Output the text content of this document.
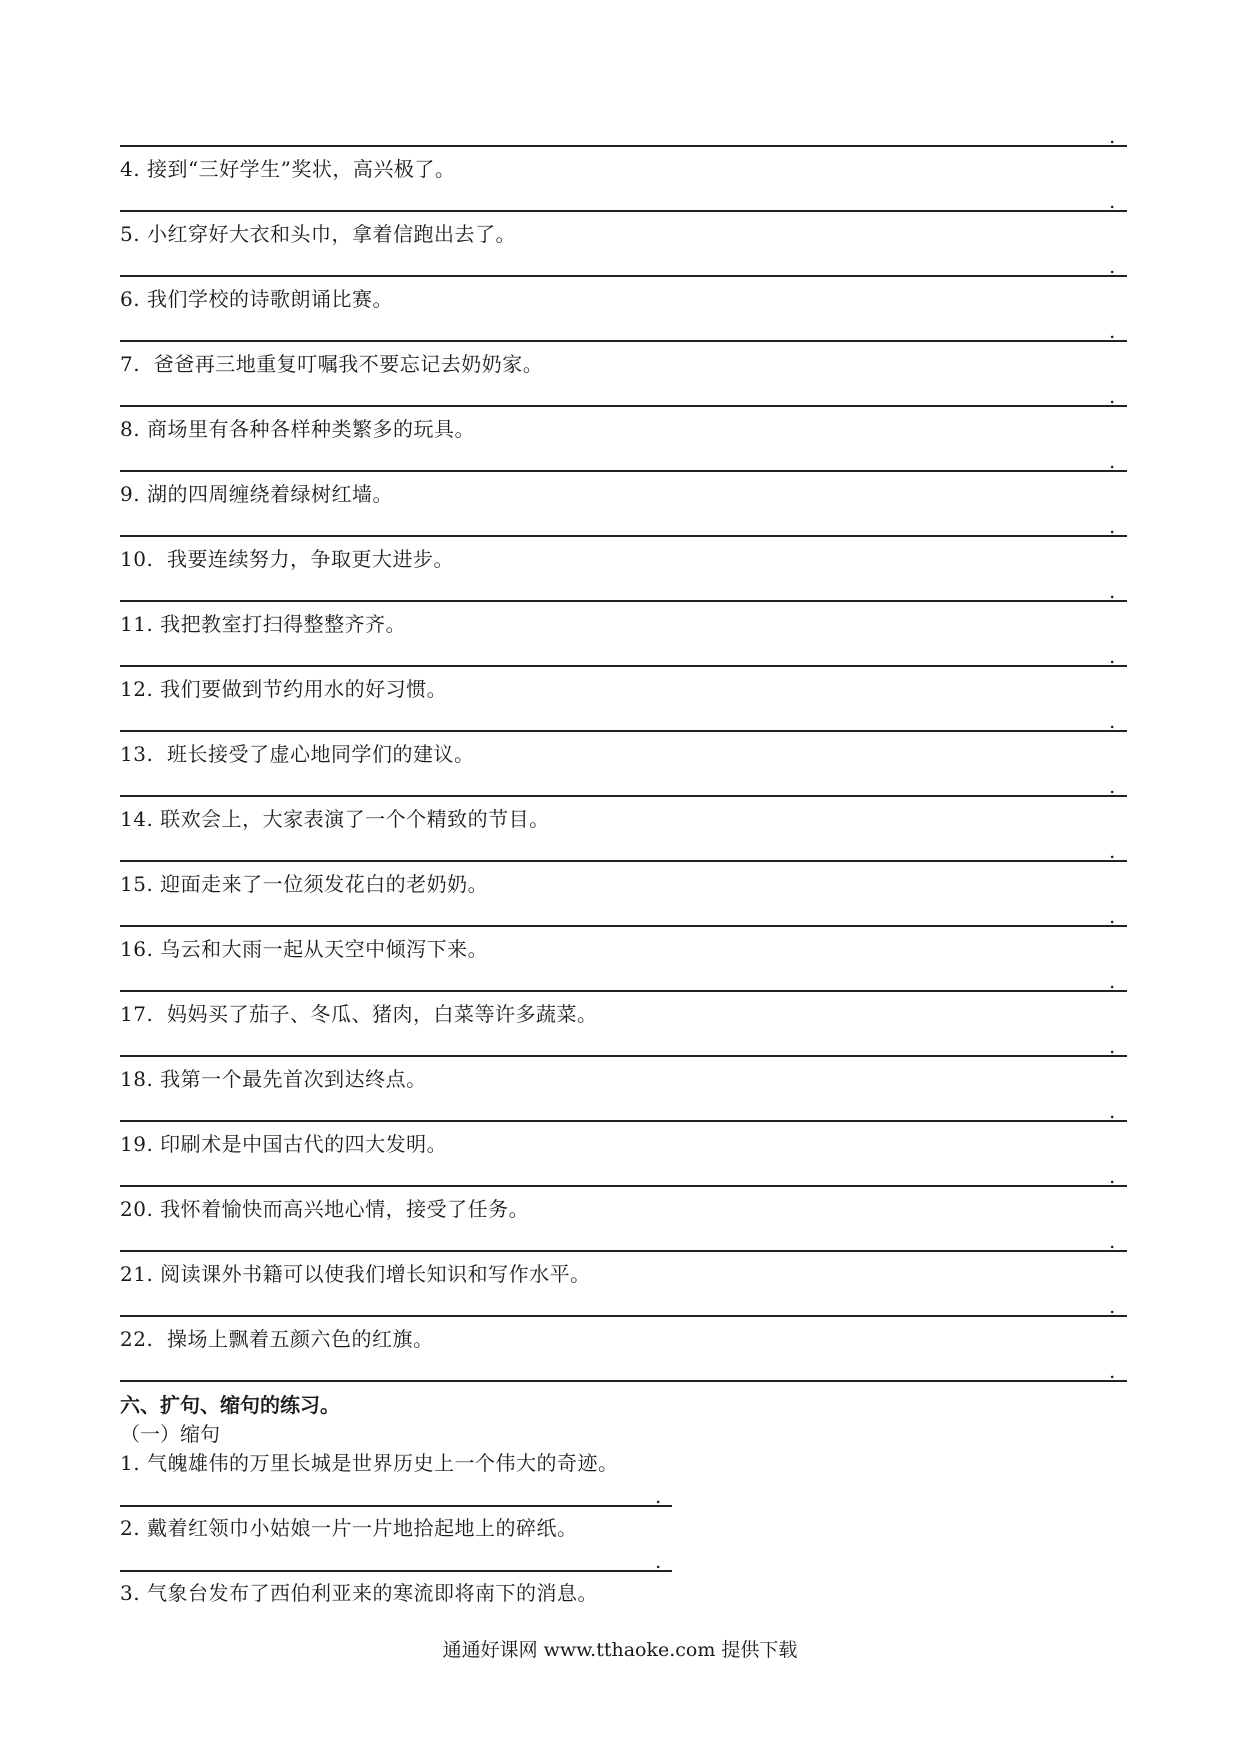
.
4. 接到“三好学生”奖状，高兴极了。
.
5. 小红穿好大衣和头巾，拿着信跑出去了。
.
6. 我们学校的诗歌朗诵比赛。
.
7.  爸爸再三地重复叮嘱我不要忘记去奶奶家。
.
8. 商场里有各种各样种类繁多的玩具。
.
9. 湖的四周缠绕着绿树红墙。
.
10.  我要连续努力，争取更大进步。
.
11. 我把教室打扫得整整齐齐。
.
12. 我们要做到节约用水的好习惯。
.
13.  班长接受了虚心地同学们的建议。
.
14. 联欢会上，大家表演了一个个精致的节目。
.
15. 迎面走来了一位须发花白的老奶奶。
.
16. 乌云和大雨一起从天空中倾泻下来。
.
17.  妈妈买了茄子、冬瓜、猪肉，白菜等许多蔬菜。
.
18. 我第一个最先首次到达终点。
.
19. 印刷术是中国古代的四大发明。
.
20. 我怀着愉快而高兴地心情，接受了任务。
.
21. 阅读课外书籍可以使我们增长知识和写作水平。
.
22.  操场上飘着五颜六色的红旗。
.
六、扩句、缩句的练习。
（一）缩句
1. 气魄雄伟的万里长城是世界历史上一个伟大的奇迹。
.
2. 戴着红领巾小姑娘一片一片地拾起地上的碎纸。
.
3. 气象台发布了西伯利亚来的寒流即将南下的消息。
通通好课网 www.tthaoke.com 提供下载
